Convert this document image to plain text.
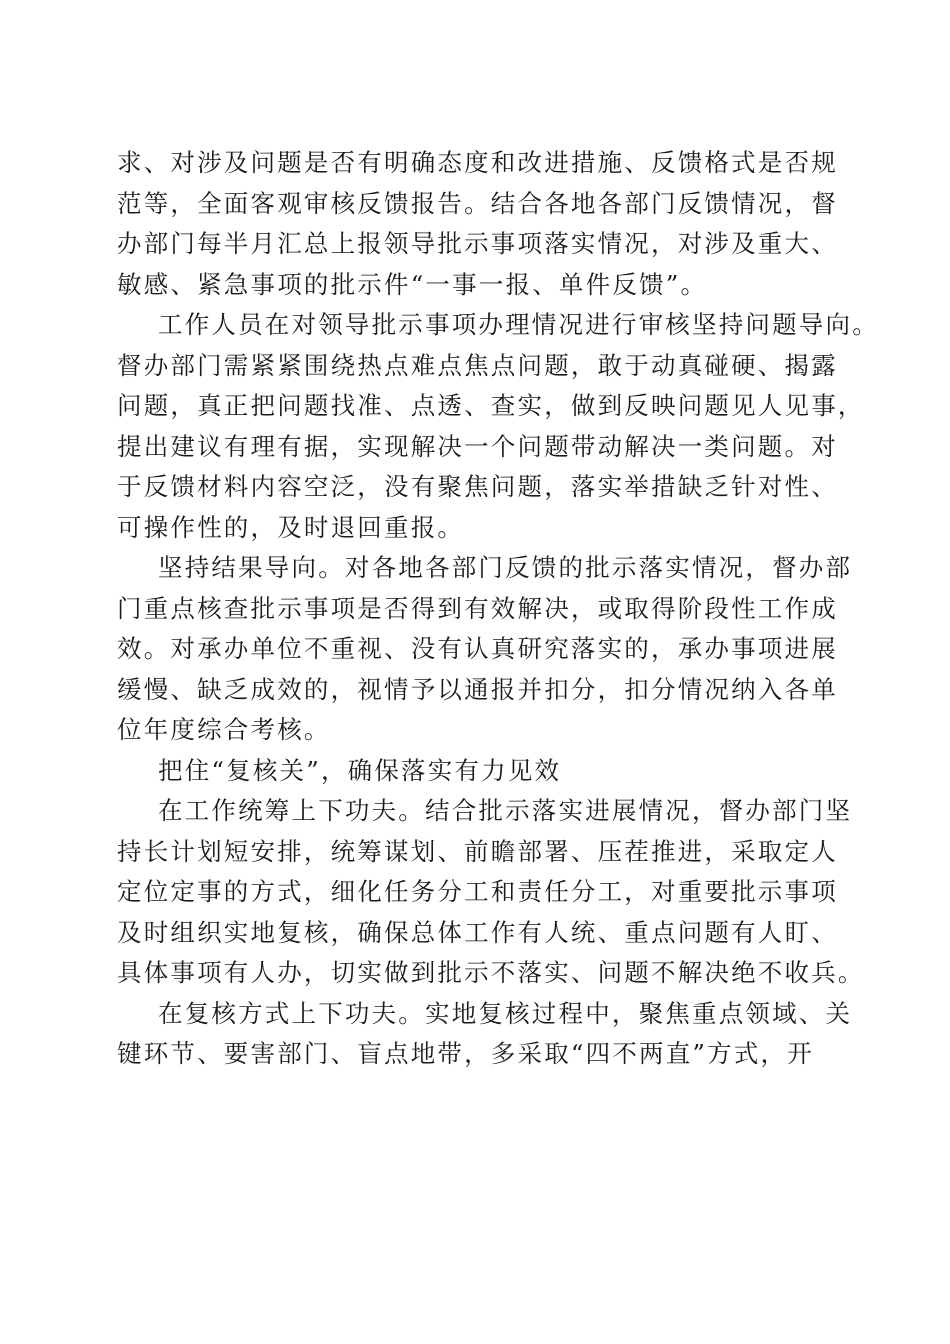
求、对涉及问题是否有明确态度和改进措施、反馈格式是否规
范等，全面客观审核反馈报告。结合各地各部门反馈情况，督
办部门每半月汇总上报领导批示事项落实情况，对涉及重大、
敏感、紧急事项的批示件“一事一报、单件反馈”。
工作人员在对领导批示事项办理情况进行审核坚持问题导向。
督办部门需紧紧围绕热点难点焦点问题，敢于动真碰硬、揭露
问题，真正把问题找准、点透、查实，做到反映问题见人见事，
提出建议有理有据，实现解决一个问题带动解决一类问题。对
于反馈材料内容空泛，没有聚焦问题，落实举措缺乏针对性、
可操作性的，及时退回重报。
坚持结果导向。对各地各部门反馈的批示落实情况，督办部
门重点核查批示事项是否得到有效解决，或取得阶段性工作成
效。对承办单位不重视、没有认真研究落实的，承办事项进展
缓慢、缺乏成效的，视情予以通报并扣分，扣分情况纳入各单
位年度综合考核。
把住“复核关”，确保落实有力见效
在工作统筹上下功夫。结合批示落实进展情况，督办部门坚
持长计划短安排，统筹谋划、前瞻部署、压茬推进，采取定人
定位定事的方式，细化任务分工和责任分工，对重要批示事项
及时组织实地复核，确保总体工作有人统、重点问题有人盯、
具体事项有人办，切实做到批示不落实、问题不解决绝不收兵。
在复核方式上下功夫。实地复核过程中，聚焦重点领域、关
键环节、要害部门、盲点地带，多采取“四不两直”方式，开
